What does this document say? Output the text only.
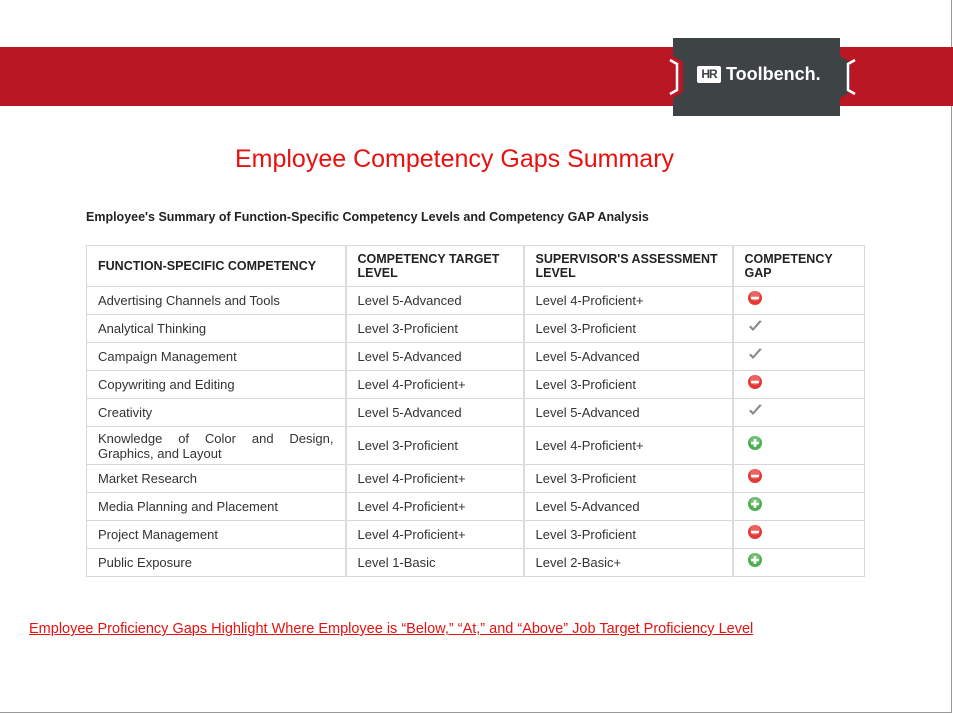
HR Toolbench.
Employee Competency Gaps Summary
Employee's Summary of Function-Specific Competency Levels and Competency GAP Analysis
FUNCTION-SPECIFIC COMPETENCY	COMPETENCY TARGET LEVEL	SUPERVISOR'S ASSESSMENT LEVEL	COMPETENCY GAP
Advertising Channels and Tools	Level 5-Advanced	Level 4-Proficient+	
Analytical Thinking	Level 3-Proficient	Level 3-Proficient	
Campaign Management	Level 5-Advanced	Level 5-Advanced	
Copywriting and Editing	Level 4-Proficient+	Level 3-Proficient	
Creativity	Level 5-Advanced	Level 5-Advanced	
Knowledge of Color and Design, Graphics, and Layout	Level 3-Proficient	Level 4-Proficient+	
Market Research	Level 4-Proficient+	Level 3-Proficient	
Media Planning and Placement	Level 4-Proficient+	Level 5-Advanced	
Project Management	Level 4-Proficient+	Level 3-Proficient	
Public Exposure	Level 1-Basic	Level 2-Basic+	
Employee Proficiency Gaps Highlight Where Employee is “Below,” “At,” and “Above” Job Target Proficiency Level
